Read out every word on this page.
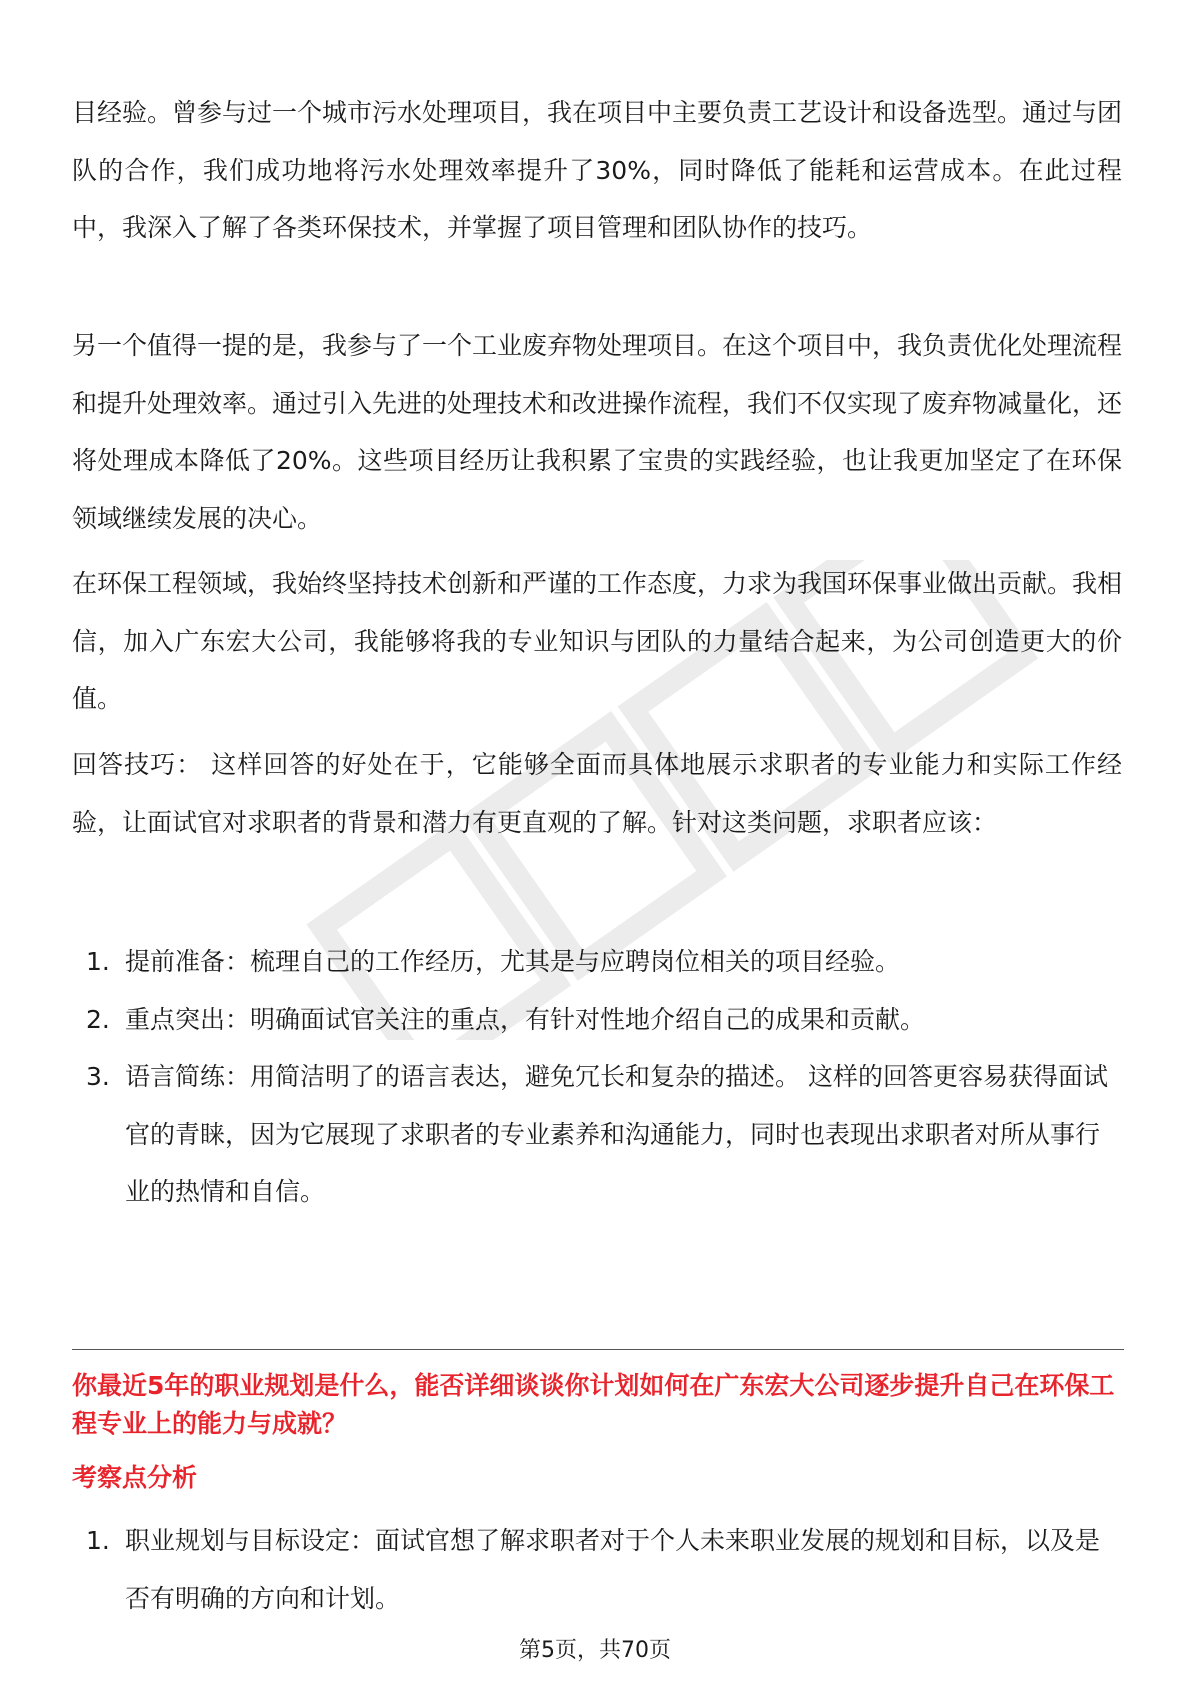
目经验。曾参与过一个城市污水处理项目，我在项目中主要负责工艺设计和设备选型。通过与团队的合作，我们成功地将污水处理效率提升了30%，同时降低了能耗和运营成本。在此过程中，我深入了解了各类环保技术，并掌握了项目管理和团队协作的技巧。

另一个值得一提的是，我参与了一个工业废弃物处理项目。在这个项目中，我负责优化处理流程和提升处理效率。通过引入先进的处理技术和改进操作流程，我们不仅实现了废弃物减量化，还将处理成本降低了20%。这些项目经历让我积累了宝贵的实践经验，也让我更加坚定了在环保领域继续发展的决心。

在环保工程领域，我始终坚持技术创新和严谨的工作态度，力求为我国环保事业做出贡献。我相信，加入广东宏大公司，我能够将我的专业知识与团队的力量结合起来，为公司创造更大的价值。

回答技巧： 这样回答的好处在于，它能够全面而具体地展示求职者的专业能力和实际工作经验，让面试官对求职者的背景和潜力有更直观的了解。针对这类问题，求职者应该：

1. 提前准备：梳理自己的工作经历，尤其是与应聘岗位相关的项目经验。
2. 重点突出：明确面试官关注的重点，有针对性地介绍自己的成果和贡献。
3. 语言简练：用简洁明了的语言表达，避免冗长和复杂的描述。 这样的回答更容易获得面试官的青睐，因为它展现了求职者的专业素养和沟通能力，同时也表现出求职者对所从事行业的热情和自信。
你最近5年的职业规划是什么，能否详细谈谈你计划如何在广东宏大公司逐步提升自己在环保工程专业上的能力与成就？
考察点分析
1. 职业规划与目标设定：面试官想了解求职者对于个人未来职业发展的规划和目标，以及是否有明确的方向和计划。
第5页，共70页
